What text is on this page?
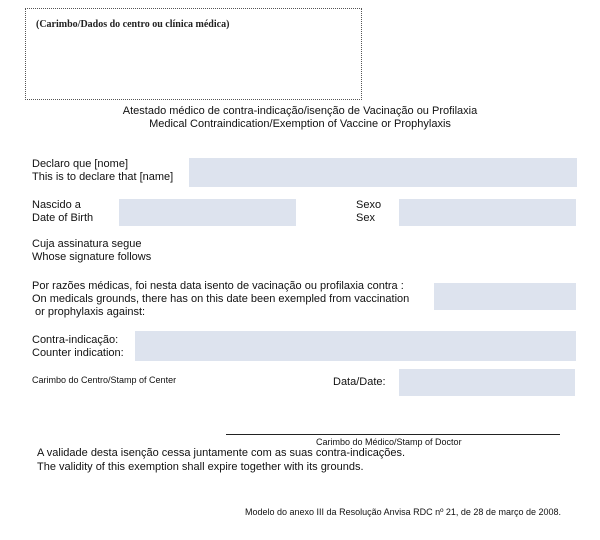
(Carimbo/Dados do centro ou clínica médica)
Atestado médico de contra-indicação/isenção de Vacinação ou Profilaxia
Medical Contraindication/Exemption of Vaccine or Prophylaxis
Declaro que [nome]
This is to declare that [name]
Nascido a
Date of Birth
Sexo
Sex
Cuja assinatura segue
Whose signature follows
Por razões médicas, foi nesta data isento de vacinação ou profilaxia contra :
On medicals grounds, there has on this date been exempled from vaccination
or prophylaxis against:
Contra-indicação:
Counter indication:
Carimbo do Centro/Stamp of Center	Data/Date:
Carimbo do Médico/Stamp of Doctor
A validade desta isenção cessa juntamente com as suas contra-indicações.
The validity of this exemption shall expire together with its grounds.
Modelo do anexo III da Resolução Anvisa RDC nº 21, de 28 de março de 2008.
